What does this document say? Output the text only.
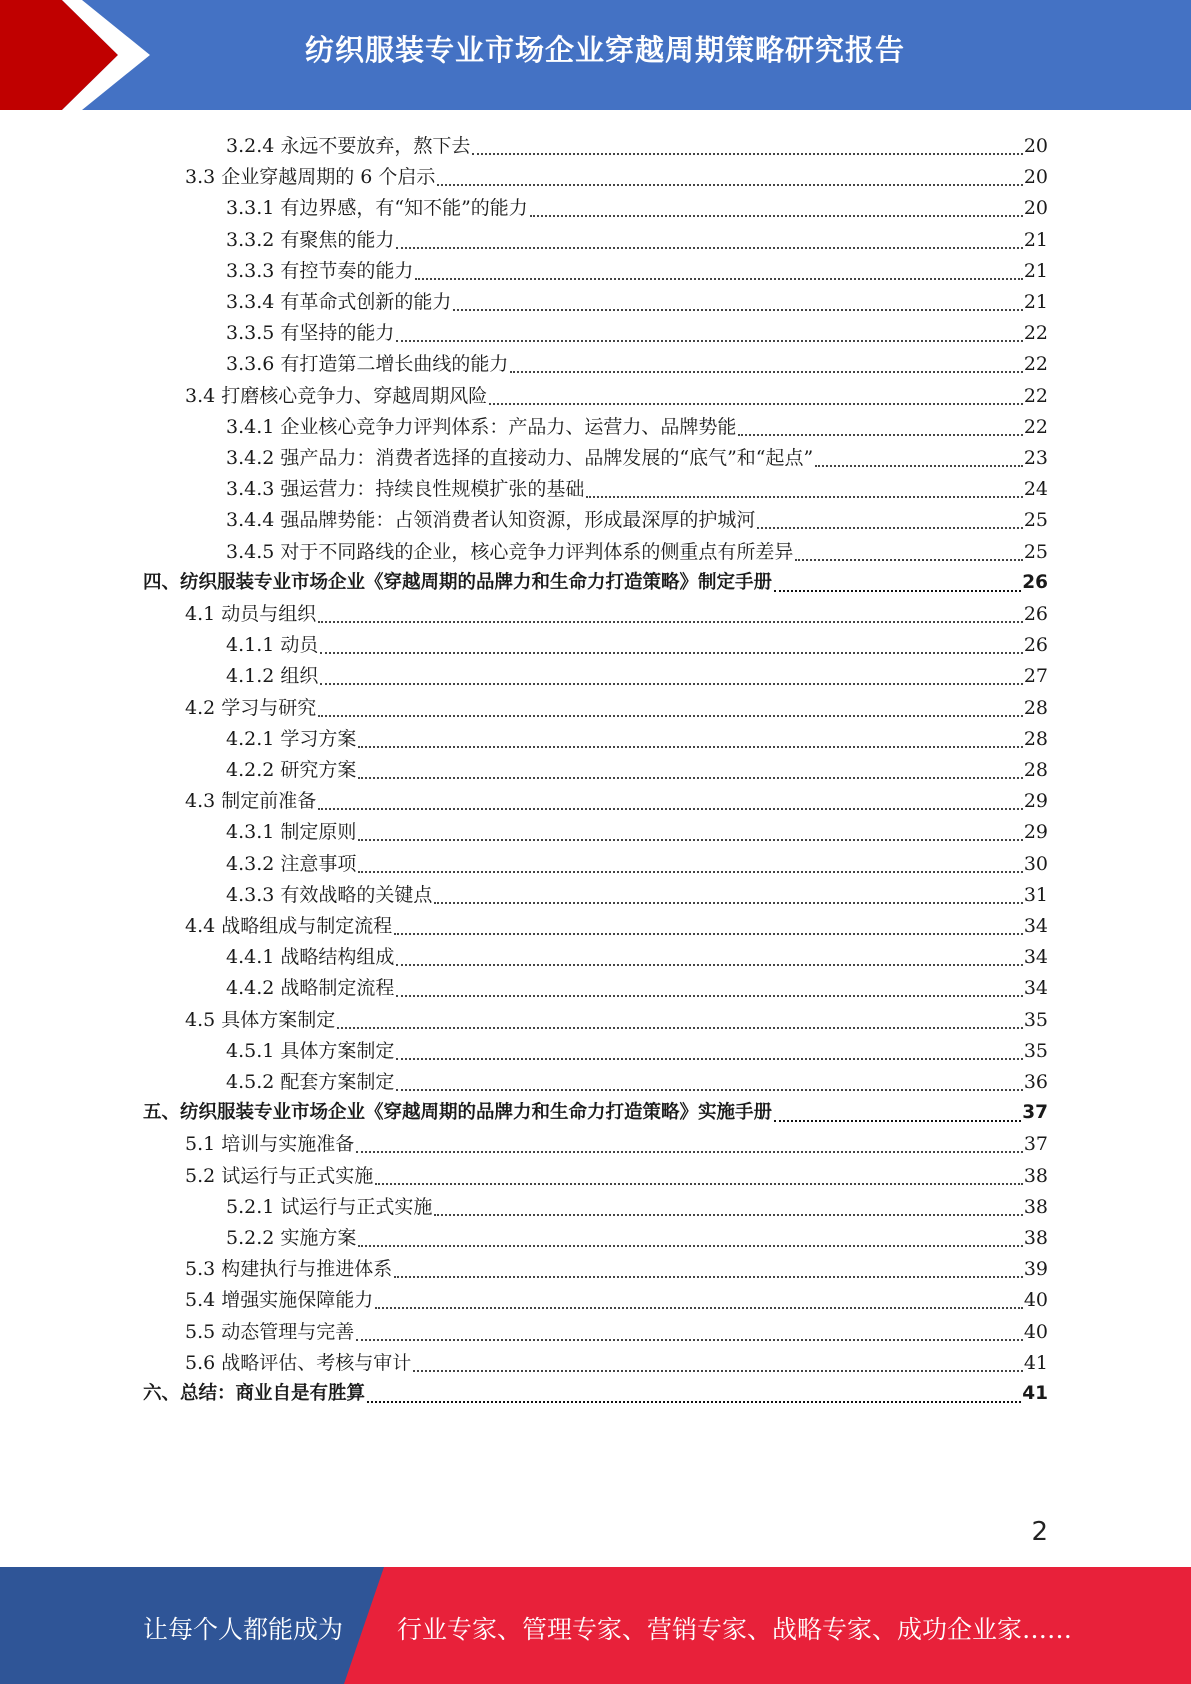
纺织服装专业市场企业穿越周期策略研究报告
3.2.4 永远不要放弃，熬下去	20
3.3 企业穿越周期的 6 个启示	20
3.3.1 有边界感，有“知不能”的能力	20
3.3.2 有聚焦的能力	21
3.3.3 有控节奏的能力	21
3.3.4 有革命式创新的能力	21
3.3.5 有坚持的能力	22
3.3.6 有打造第二增长曲线的能力	22
3.4 打磨核心竞争力、穿越周期风险	22
3.4.1 企业核心竞争力评判体系：产品力、运营力、品牌势能	22
3.4.2 强产品力：消费者选择的直接动力、品牌发展的“底气”和“起点”	23
3.4.3 强运营力：持续良性规模扩张的基础	24
3.4.4 强品牌势能：占领消费者认知资源，形成最深厚的护城河	25
3.4.5 对于不同路线的企业，核心竞争力评判体系的侧重点有所差异	25
四、纺织服装专业市场企业《穿越周期的品牌力和生命力打造策略》制定手册	26
4.1 动员与组织	26
4.1.1 动员	26
4.1.2 组织	27
4.2 学习与研究	28
4.2.1 学习方案	28
4.2.2 研究方案	28
4.3 制定前准备	29
4.3.1 制定原则	29
4.3.2 注意事项	30
4.3.3 有效战略的关键点	31
4.4 战略组成与制定流程	34
4.4.1 战略结构组成	34
4.4.2 战略制定流程	34
4.5 具体方案制定	35
4.5.1 具体方案制定	35
4.5.2 配套方案制定	36
五、纺织服装专业市场企业《穿越周期的品牌力和生命力打造策略》实施手册	37
5.1 培训与实施准备	37
5.2 试运行与正式实施	38
5.2.1 试运行与正式实施	38
5.2.2 实施方案	38
5.3 构建执行与推进体系	39
5.4 增强实施保障能力	40
5.5 动态管理与完善	40
5.6 战略评估、考核与审计	41
六、总结：商业自是有胜算	41
2
让每个人都能成为 行业专家、管理专家、营销专家、战略专家、成功企业家……
